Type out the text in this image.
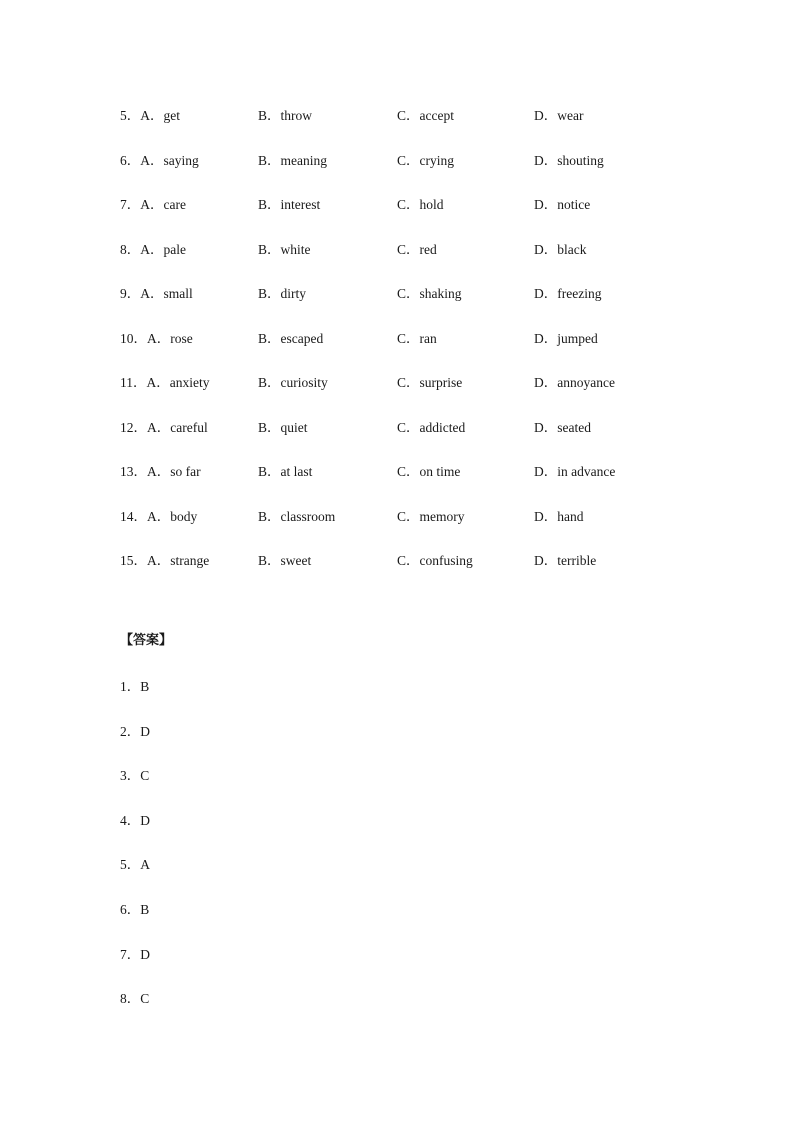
5．A．get	B．throw	C．accept	D．wear
6．A．saying	B．meaning	C．crying	D．shouting
7．A．care	B．interest	C．hold	D．notice
8．A．pale	B．white	C．red	D．black
9．A．small	B．dirty	C．shaking	D．freezing
10．A．rose	B．escaped	C．ran	D．jumped
11．A．anxiety	B．curiosity	C．surprise	D．annoyance
12．A．careful	B．quiet	C．addicted	D．seated
13．A．so far	B．at last	C．on time	D．in advance
14．A．body	B．classroom	C．memory	D．hand
15．A．strange	B．sweet	C．confusing	D．terrible
【答案】
1．B
2．D
3．C
4．D
5．A
6．B
7．D
8．C
